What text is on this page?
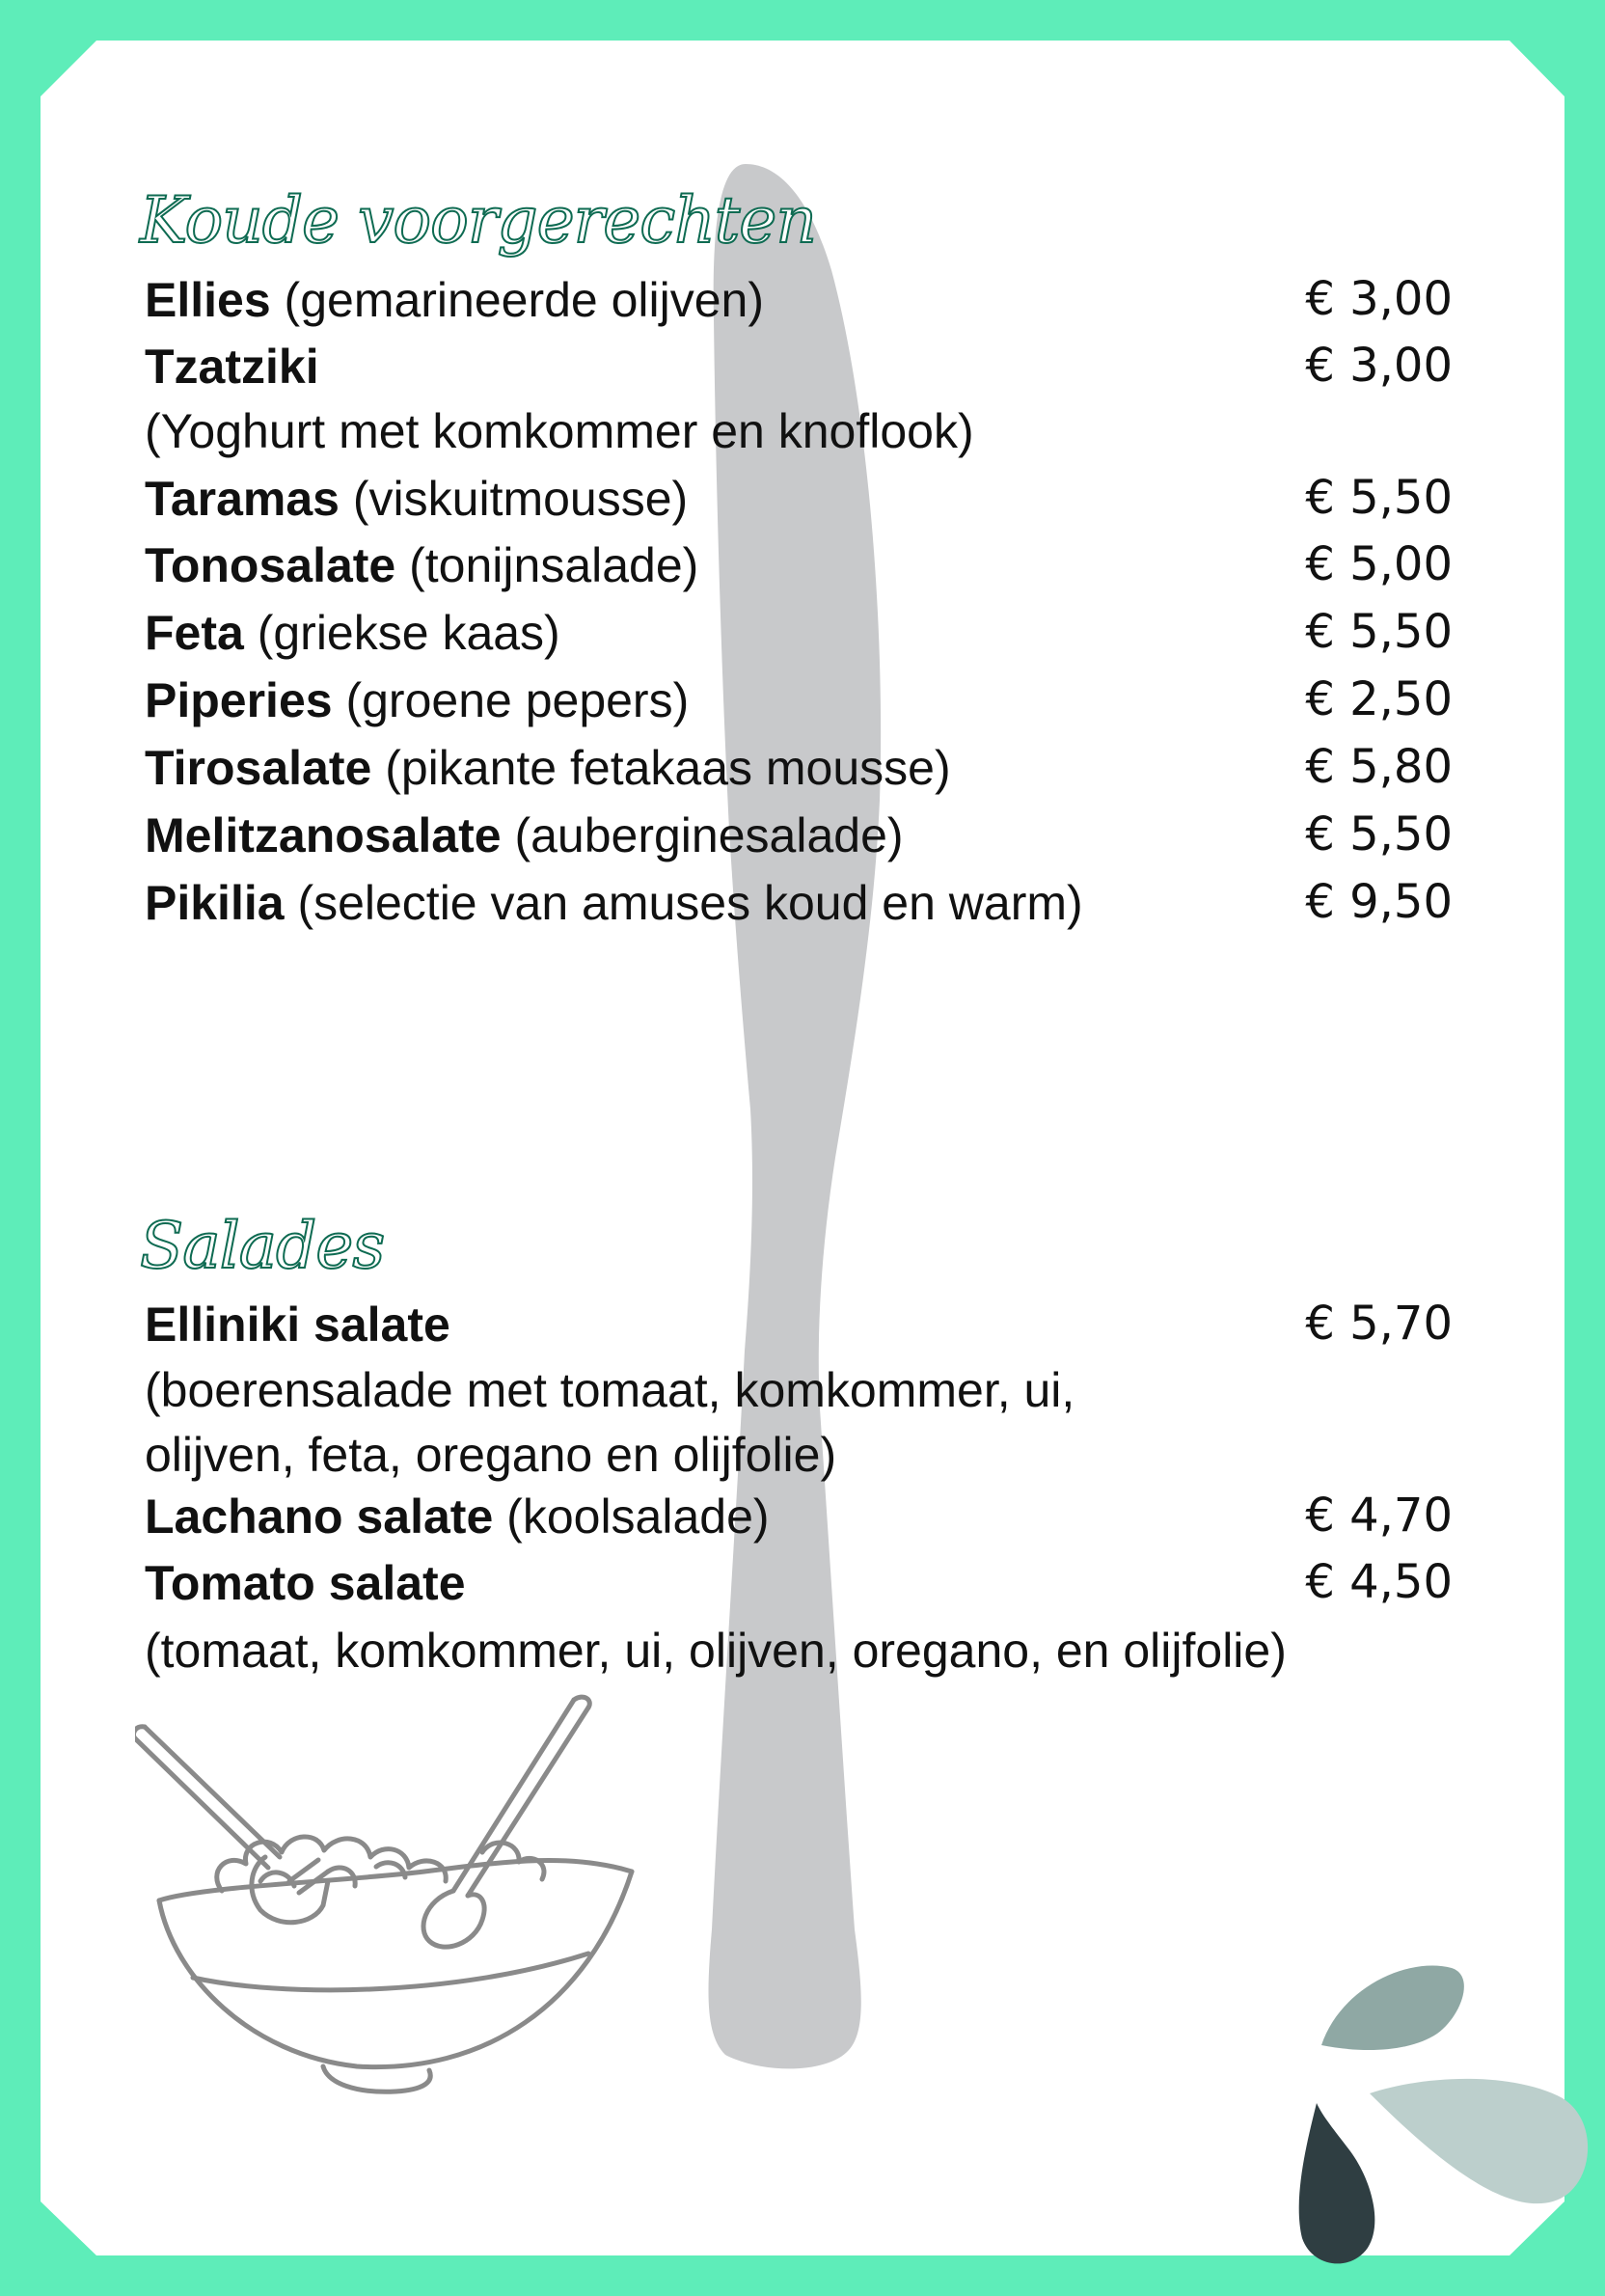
Koude voorgerechten
Ellies (gemarineerde olijven)	€ 3,00
Tzatziki	€ 3,00
(Yoghurt met komkommer en knoflook)
Taramas (viskuitmousse)	€ 5,50
Tonosalate (tonijnsalade)	€ 5,00
Feta (griekse kaas)	€ 5,50
Piperies (groene pepers)	€ 2,50
Tirosalate (pikante fetakaas mousse)	€ 5,80
Melitzanosalate (auberginesalade)	€ 5,50
Pikilia (selectie van amuses koud en warm)	€ 9,50
Salades
Elliniki salate	€ 5,70
(boerensalade met tomaat, komkommer, ui,
olijven, feta, oregano en olijfolie)
Lachano salate (koolsalade)	€ 4,70
Tomato salate	€ 4,50
(tomaat, komkommer, ui, olijven, oregano, en olijfolie)
